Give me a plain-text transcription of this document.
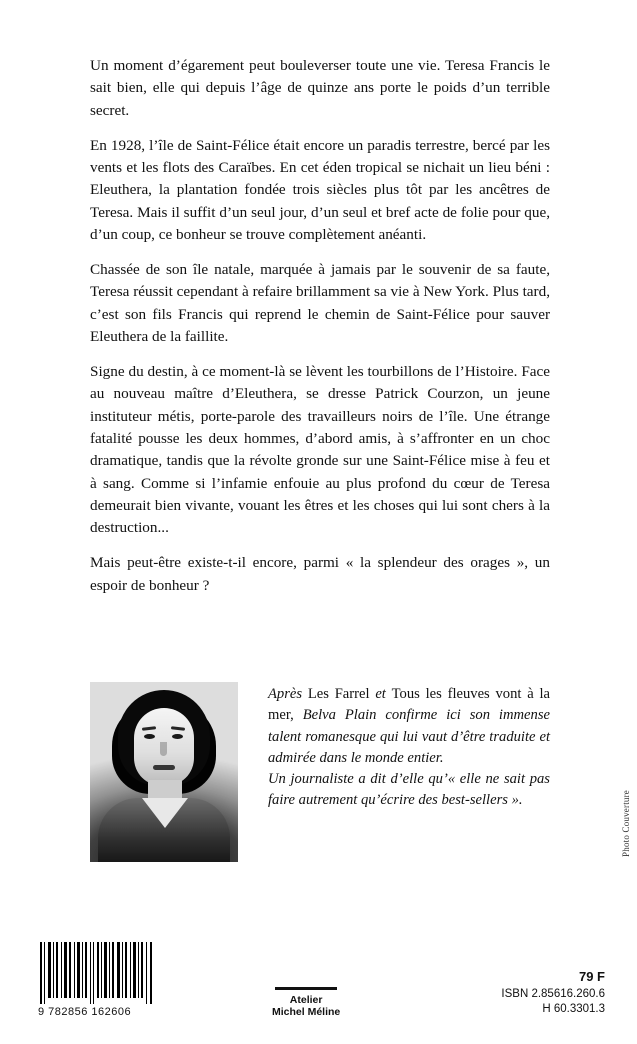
Un moment d’égarement peut bouleverser toute une vie. Teresa Francis le sait bien, elle qui depuis l’âge de quinze ans porte le poids d’un terrible secret.

En 1928, l’île de Saint-Félice était encore un paradis terrestre, bercé par les vents et les flots des Caraïbes. En cet éden tropical se nichait un lieu béni : Eleuthera, la plantation fondée trois siècles plus tôt par les ancêtres de Teresa. Mais il suffit d’un seul jour, d’un seul et bref acte de folie pour que, d’un coup, ce bonheur se trouve complètement anéanti.

Chassée de son île natale, marquée à jamais par le souvenir de sa faute, Teresa réussit cependant à refaire brillamment sa vie à New York. Plus tard, c’est son fils Francis qui reprend le chemin de Saint-Félice pour sauver Eleuthera de la faillite.

Signe du destin, à ce moment-là se lèvent les tourbillons de l’Histoire. Face au nouveau maître d’Eleuthera, se dresse Patrick Courzon, un jeune instituteur métis, porte-parole des travailleurs noirs de l’île. Une étrange fatalité pousse les deux hommes, d’abord amis, à s’affronter en un choc dramatique, tandis que la révolte gronde sur une Saint-Félice mise à feu et à sang. Comme si l’infamie enfouie au plus profond du cœur de Teresa demeurait bien vivante, vouant les êtres et les choses qui lui sont chers à la destruction...

Mais peut-être existe-t-il encore, parmi « la splendeur des orages », un espoir de bonheur ?

Après Les Farrel et Tous les fleuves vont à la mer, Belva Plain confirme ici son immense talent romanesque qui lui vaut d’être traduite et admirée dans le monde entier.

Un journaliste a dit d’elle qu’« elle ne sait pas faire autrement qu’écrire des best-sellers ».	Photo Couverture
9 782856 162606
Atelier
Michel Méline
79 F
ISBN 2.85616.260.6
H 60.3301.3
